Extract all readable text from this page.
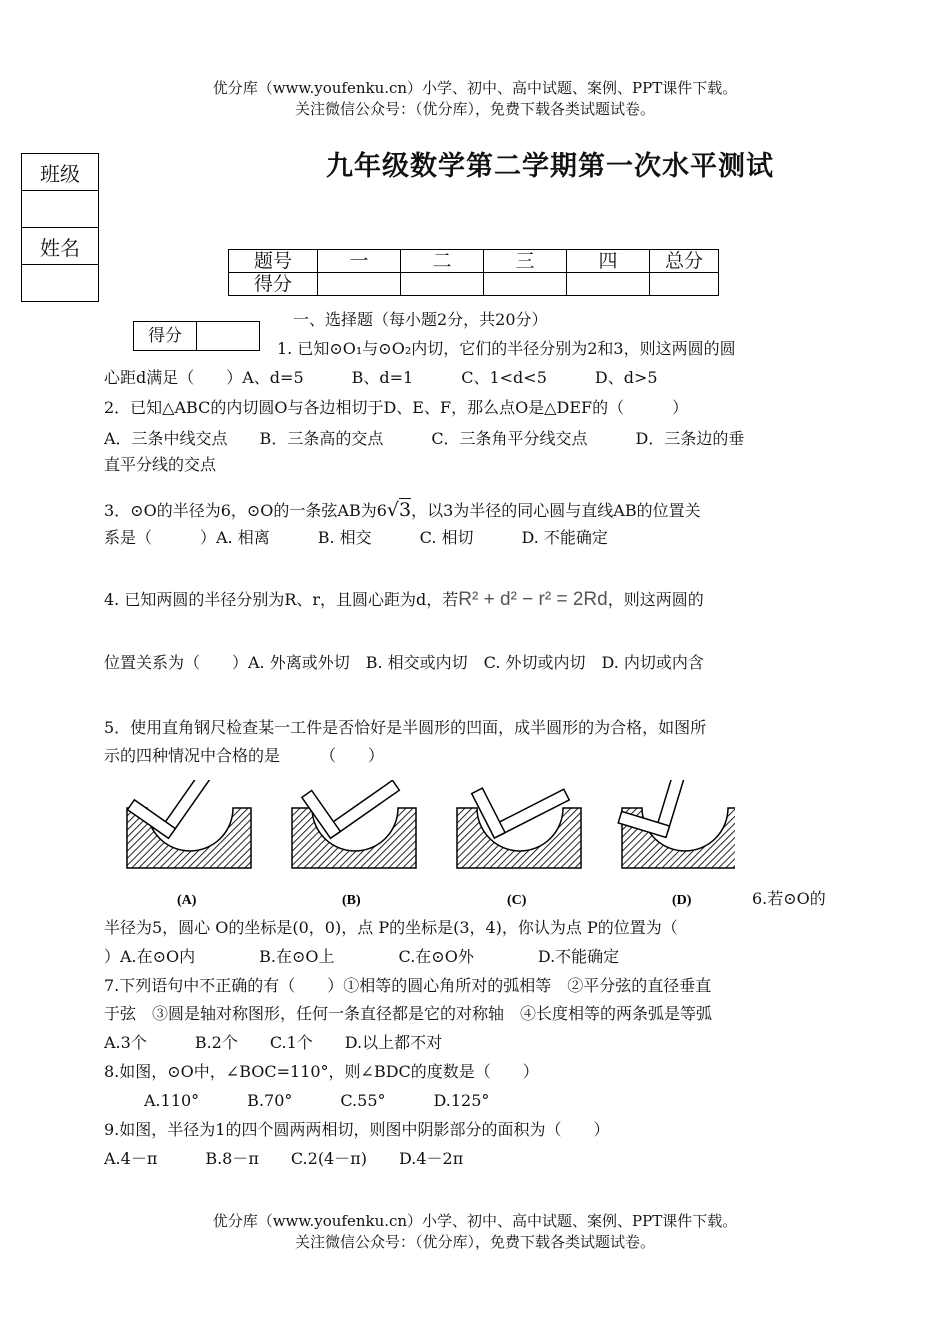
优分库（www.youfenku.cn）小学、初中、高中试题、案例、PPT课件下载。
关注微信公众号：（优分库），免费下载各类试题试卷。
班级

姓名

九年级数学第二学期第一次水平测试
题号	一	二	三	四	总分
得分					
得分	
一、选择题（每小题2分，共20分）
1. 已知⊙O₁与⊙O₂内切，它们的半径分别为2和3，则这两圆的圆
心距d满足（　　）A、d=5　　　B、d=1　　　C、1<d<5　　　D、d>5
2．已知△ABC的内切圆O与各边相切于D、E、F，那么点O是△DEF的（　　　）
A．三条中线交点　　B．三条高的交点　　　C．三条角平分线交点　　　D．三条边的垂
直平分线的交点
3．⊙O的半径为6，⊙O的一条弦AB为6√3，以3为半径的同心圆与直线AB的位置关
系是（　　　）A. 相离　　　B. 相交　　　C. 相切　　　D. 不能确定
4. 已知两圆的半径分别为R、r，且圆心距为d，若R² + d² − r² = 2Rd，则这两圆的
位置关系为（　　）A. 外离或外切　B. 相交或内切　C. 外切或内切　D. 内切或内含
5．使用直角钢尺检查某一工件是否恰好是半圆形的凹面，成半圆形的为合格，如图所
示的四种情况中合格的是　　　（　　）
(A)	(B)	(C)	(D)	6.若⊙O的
半径为5，圆心 O的坐标是(0，0)，点 P的坐标是(3，4)，你认为点 P的位置为（
）A.在⊙O内　　　　B.在⊙O上　　　　C.在⊙O外　　　　D.不能确定
7.下列语句中不正确的有（　　）①相等的圆心角所对的弧相等　②平分弦的直径垂直
于弦　③圆是轴对称图形，任何一条直径都是它的对称轴　④长度相等的两条弧是等弧
A.3个　　　B.2个　　C.1个　　D.以上都不对
8.如图，⊙O中，∠BOC=110°，则∠BDC的度数是（　　）
A.110°　　　B.70°　　　C.55°　　　D.125°
9.如图，半径为1的四个圆两两相切，则图中阴影部分的面积为（　　）
A.4－π　　　B.8－π　　C.2(4－π)　　D.4－2π
优分库（www.youfenku.cn）小学、初中、高中试题、案例、PPT课件下载。
关注微信公众号：（优分库），免费下载各类试题试卷。
